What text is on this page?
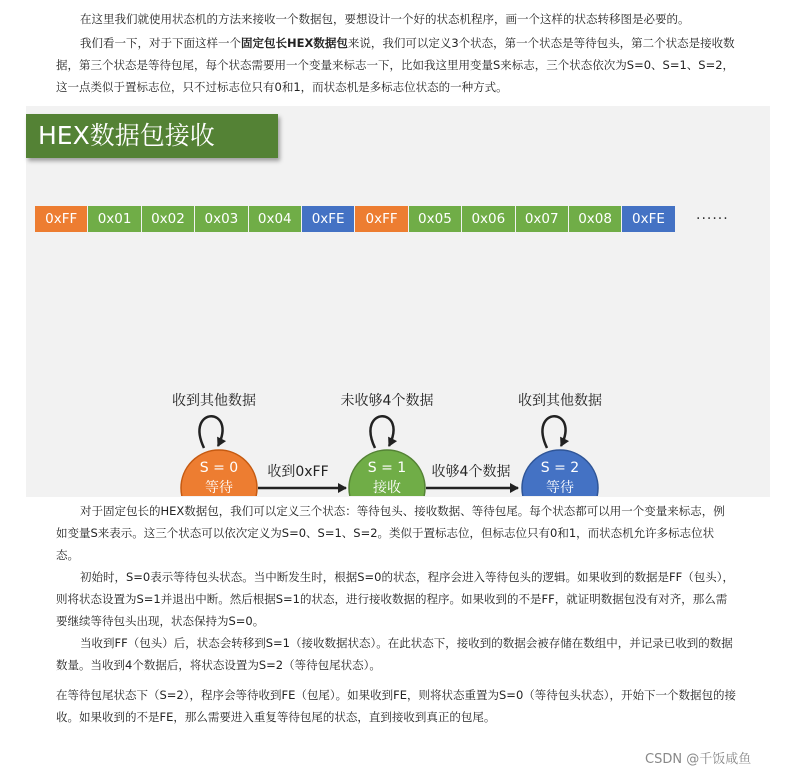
在这里我们就使用状态机的方法来接收一个数据包，要想设计一个好的状态机程序，画一个这样的状态转移图是必要的。
我们看一下，对于下面这样一个固定包长HEX数据包来说，我们可以定义3个状态，第一个状态是等待包头，第二个状态是接收数据，第三个状态是等待包尾，每个状态需要用一个变量来标志一下，比如我这里用变量S来标志，三个状态依次为S=0、S=1、S=2，这一点类似于置标志位，只不过标志位只有0和1，而状态机是多标志位状态的一种方式。
HEX数据包接收
0xFF	0x01	0x02	0x03	0x04	0xFE	0xFF	0x05	0x06	0x07	0x08	0xFE	······
S = 0
等待
S = 1
接收
S = 2
等待
收到其他数据	未收够4个数据	收到其他数据
收到0xFF	收够4个数据
对于固定包长的HEX数据包，我们可以定义三个状态：等待包头、接收数据、等待包尾。每个状态都可以用一个变量来标志，例如变量S来表示。这三个状态可以依次定义为S=0、S=1、S=2。类似于置标志位，但标志位只有0和1，而状态机允许多标志位状态。
初始时，S=0表示等待包头状态。当中断发生时，根据S=0的状态，程序会进入等待包头的逻辑。如果收到的数据是FF（包头），则将状态设置为S=1并退出中断。然后根据S=1的状态，进行接收数据的程序。如果收到的不是FF，就证明数据包没有对齐，那么需要继续等待包头出现，状态保持为S=0。
当收到FF（包头）后，状态会转移到S=1（接收数据状态）。在此状态下，接收到的数据会被存储在数组中，并记录已收到的数据数量。当收到4个数据后，将状态设置为S=2（等待包尾状态）。
在等待包尾状态下（S=2），程序会等待收到FE（包尾）。如果收到FE，则将状态重置为S=0（等待包头状态），开始下一个数据包的接收。如果收到的不是FE，那么需要进入重复等待包尾的状态，直到接收到真正的包尾。
CSDN @千饭咸鱼
